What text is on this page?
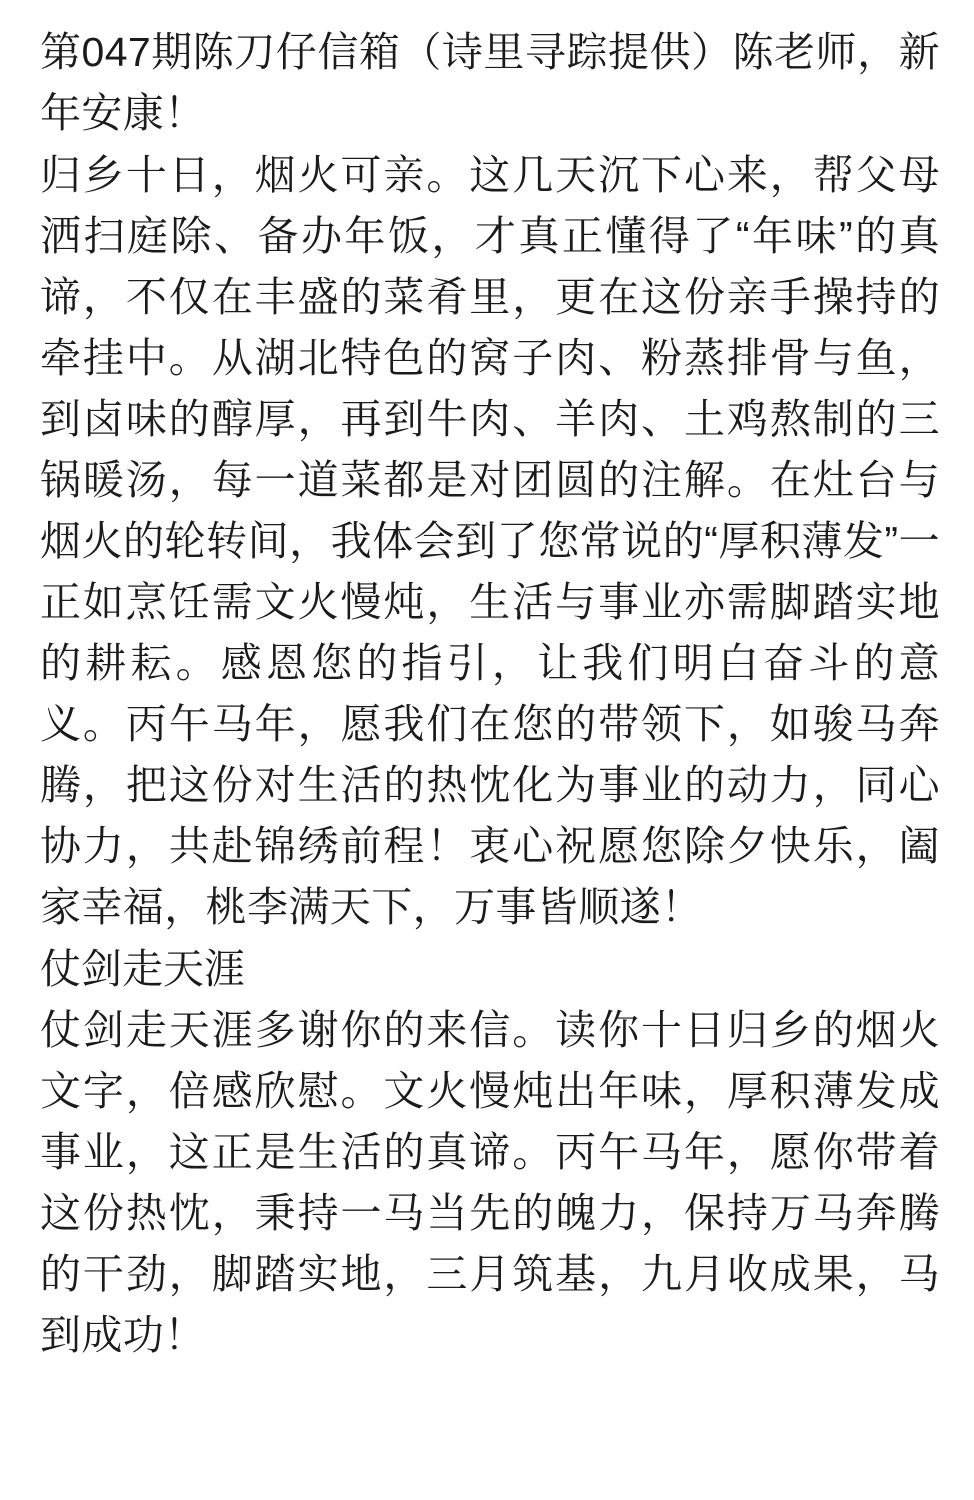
第047期陈刀仔信箱（诗里寻踪提供）陈老师，新年安康！

归乡十日，烟火可亲。这几天沉下心来，帮父母洒扫庭除、备办年饭，才真正懂得了“年味”的真谛，不仅在丰盛的菜肴里，更在这份亲手操持的牵挂中。从湖北特色的窝子肉、粉蒸排骨与鱼，到卤味的醇厚，再到牛肉、羊肉、土鸡熬制的三锅暖汤，每一道菜都是对团圆的注解。在灶台与烟火的轮转间，我体会到了您常说的“厚积薄发”一正如烹饪需文火慢炖，生活与事业亦需脚踏实地的耕耘。感恩您的指引，让我们明白奋斗的意义。丙午马年，愿我们在您的带领下，如骏马奔腾，把这份对生活的热忱化为事业的动力，同心协力，共赴锦绣前程！衷心祝愿您除夕快乐，阖家幸福，桃李满天下，万事皆顺遂！

仗剑走天涯

仗剑走天涯多谢你的来信。读你十日归乡的烟火文字，倍感欣慰。文火慢炖出年味，厚积薄发成事业，这正是生活的真谛。丙午马年，愿你带着这份热忱，秉持一马当先的魄力，保持万马奔腾的干劲，脚踏实地，三月筑基，九月收成果，马到成功！
